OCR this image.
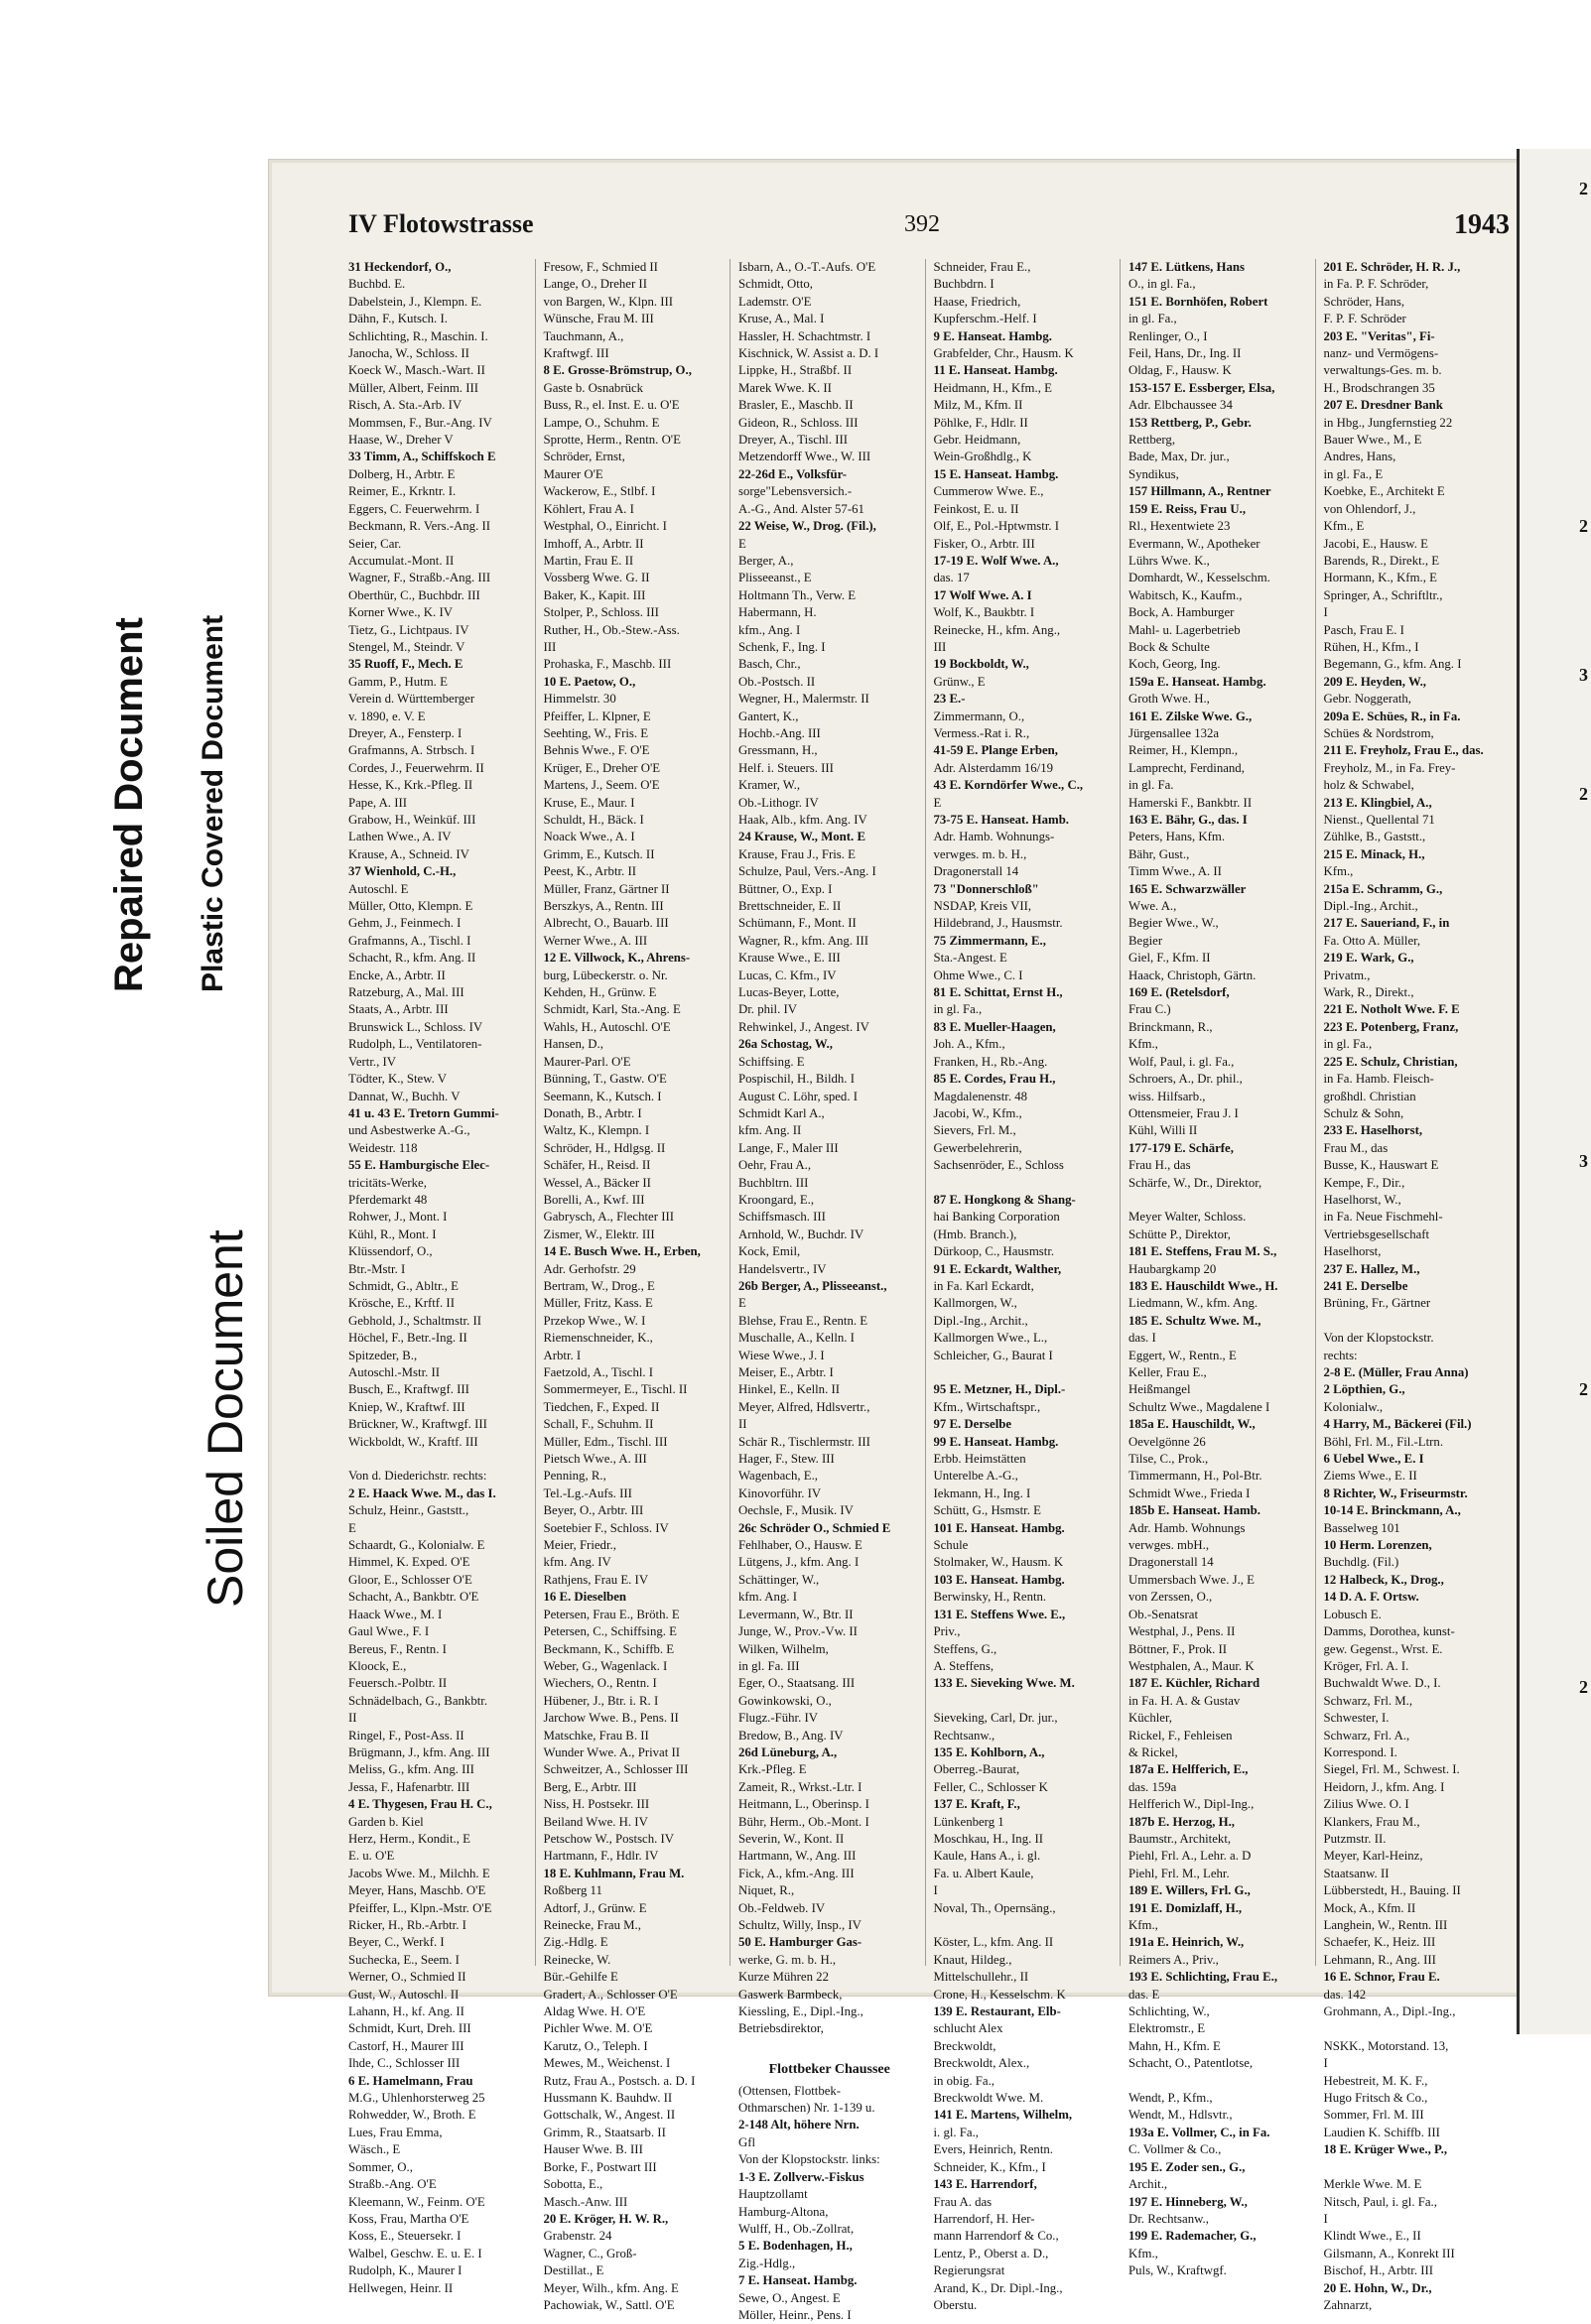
Repaired Document Plastic Covered Document
Soiled Document
IV Flotowstrasse	392	1943
31 Heckendorf, O.,
Buchbd. E.
Dabelstein, J., Klempn. E.
Dähn, F., Kutsch. I.
Schlichting, R., Maschin. I.
Janocha, W., Schloss. II
Koeck W., Masch.-Wart. II
Müller, Albert, Feinm. III
Risch, A. Sta.-Arb. IV
Mommsen, F., Bur.-Ang. IV
Haase, W., Dreher V
33 Timm, A., Schiffskoch E
Dolberg, H., Arbtr. E
Reimer, E., Krkntr. I.
Eggers, C. Feuerwehrm. I
Beckmann, R. Vers.-Ang. II
Seier, Car.
Accumulat.-Mont. II
Wagner, F., Straßb.-Ang. III
Oberthür, C., Buchbdr. III
Korner Wwe., K. IV
Tietz, G., Lichtpaus. IV
Stengel, M., Steindr. V
35 Ruoff, F., Mech. E
Gamm, P., Hutm. E
Verein d. Württemberger
v. 1890, e. V. E
Dreyer, A., Fensterp. I
Grafmanns, A. Strbsch. I
Cordes, J., Feuerwehrm. II
Hesse, K., Krk.-Pfleg. II
Pape, A. III
Grabow, H., Weinküf. III
Lathen Wwe., A. IV
Krause, A., Schneid. IV
37 Wienhold, C.-H.,
Autoschl. E
Müller, Otto, Klempn. E
Gehm, J., Feinmech. I
Grafmanns, A., Tischl. I
Schacht, R., kfm. Ang. II
Encke, A., Arbtr. II
Ratzeburg, A., Mal. III
Staats, A., Arbtr. III
Brunswick L., Schloss. IV
Rudolph, L., Ventilatoren-
Vertr., IV
Tödter, K., Stew. V
Dannat, W., Buchh. V
41 u. 43 E. Tretorn Gummi-
und Asbestwerke A.-G.,
Weidestr. 118
55 E. Hamburgische Elec-
tricitäts-Werke,
Pferdemarkt 48
Rohwer, J., Mont. I
Kühl, R., Mont. I
Klüssendorf, O.,
Btr.-Mstr. I
Schmidt, G., Abltr., E
Krösche, E., Krftf. II
Gebhold, J., Schaltmstr. II
Höchel, F., Betr.-Ing. II
Spitzeder, B.,
Autoschl.-Mstr. II
Busch, E., Kraftwgf. III
Kniep, W., Kraftwf. III
Brückner, W., Kraftwgf. III
Wickboldt, W., Kraftf. III

Von d. Diederichstr. rechts:
2 E. Haack Wwe. M., das I.
Schulz, Heinr., Gaststt.,
E
Schaardt, G., Kolonialw. E
Himmel, K. Exped. O'E
Gloor, E., Schlosser O'E
Schacht, A., Bankbtr. O'E
Haack Wwe., M. I
Gaul Wwe., F. I
Bereus, F., Rentn. I
Kloock, E.,
Feuersch.-Polbtr. II
Schnädelbach, G., Bankbtr.
II
Ringel, F., Post-Ass. II
Brügmann, J., kfm. Ang. III
Meliss, G., kfm. Ang. III
Jessa, F., Hafenarbtr. III
4 E. Thygesen, Frau H. C.,
Garden b. Kiel
Herz, Herm., Kondit., E
E. u. O'E
Jacobs Wwe. M., Milchh. E
Meyer, Hans, Maschb. O'E
Pfeiffer, L., Klpn.-Mstr. O'E
Ricker, H., Rb.-Arbtr. I
Beyer, C., Werkf. I
Suchecka, E., Seem. I
Werner, O., Schmied II
Gust, W., Autoschl. II
Lahann, H., kf. Ang. II
Schmidt, Kurt, Dreh. III
Castorf, H., Maurer III
Ihde, C., Schlosser III
6 E. Hamelmann, Frau
M.G., Uhlenhorsterweg 25
Rohwedder, W., Broth. E
Lues, Frau Emma,
Wäsch., E
Sommer, O.,
Straßb.-Ang. O'E
Kleemann, W., Feinm. O'E
Koss, Frau, Martha O'E
Koss, E., Steuersekr. I
Walbel, Geschw. E. u. E. I
Rudolph, K., Maurer I
Hellwegen, Heinr. II
Fresow, F., Schmied II
Lange, O., Dreher II
von Bargen, W., Klpn. III
Wünsche, Frau M. III
Tauchmann, A.,
Kraftwgf. III
8 E. Grosse-Brömstrup, O.,
Gaste b. Osnabrück
Buss, R., el. Inst. E. u. O'E
Lampe, O., Schuhm. E
Sprotte, Herm., Rentn. O'E
Schröder, Ernst,
Maurer O'E
Wackerow, E., Stlbf. I
Köhlert, Frau A. I
Westphal, O., Einricht. I
Imhoff, A., Arbtr. II
Martin, Frau E. II
Vossberg Wwe. G. II
Baker, K., Kapit. III
Stolper, P., Schloss. III
Ruther, H., Ob.-Stew.-Ass.
III
Prohaska, F., Maschb. III
10 E. Paetow, O.,
Himmelstr. 30
Pfeiffer, L. Klpner, E
Seehting, W., Fris. E
Behnis Wwe., F. O'E
Krüger, E., Dreher O'E
Martens, J., Seem. O'E
Kruse, E., Maur. I
Schuldt, H., Bäck. I
Noack Wwe., A. I
Grimm, E., Kutsch. II
Peest, K., Arbtr. II
Müller, Franz, Gärtner II
Berszkys, A., Rentn. III
Albrecht, O., Bauarb. III
Werner Wwe., A. III
12 E. Villwock, K., Ahrens-
burg, Lübeckerstr. o. Nr.
Kehden, H., Grünw. E
Schmidt, Karl, Sta.-Ang. E
Wahls, H., Autoschl. O'E
Hansen, D.,
Maurer-Parl. O'E
Bünning, T., Gastw. O'E
Seemann, K., Kutsch. I
Donath, B., Arbtr. I
Waltz, K., Klempn. I
Schröder, H., Hdlgsg. II
Schäfer, H., Reisd. II
Wessel, A., Bäcker II
Borelli, A., Kwf. III
Gabrysch, A., Flechter III
Zismer, W., Elektr. III
14 E. Busch Wwe. H., Erben,
Adr. Gerhofstr. 29
Bertram, W., Drog., E
Müller, Fritz, Kass. E
Przekop Wwe., W. I
Riemenschneider, K.,
Arbtr. I
Faetzold, A., Tischl. I
Sommermeyer, E., Tischl. II
Tiedchen, F., Exped. II
Schall, F., Schuhm. II
Müller, Edm., Tischl. III
Pietsch Wwe., A. III
Penning, R.,
Tel.-Lg.-Aufs. III
Beyer, O., Arbtr. III
Soetebier F., Schloss. IV
Meier, Friedr.,
kfm. Ang. IV
Rathjens, Frau E. IV
16 E. Dieselben
Petersen, Frau E., Bröth. E
Petersen, C., Schiffsing. E
Beckmann, K., Schiffb. E
Weber, G., Wagenlack. I
Wiechers, O., Rentn. I
Hübener, J., Btr. i. R. I
Jarchow Wwe. B., Pens. II
Matschke, Frau B. II
Wunder Wwe. A., Privat II
Schweitzer, A., Schlosser III
Berg, E., Arbtr. III
Niss, H. Postsekr. III
Beiland Wwe. H. IV
Petschow W., Postsch. IV
Hartmann, F., Hdlr. IV
18 E. Kuhlmann, Frau M.
Roßberg 11
Adtorf, J., Grünw. E
Reinecke, Frau M.,
Zig.-Hdlg. E
Reinecke, W.
Bür.-Gehilfe E
Gradert, A., Schlosser O'E
Aldag Wwe. H. O'E
Pichler Wwe. M. O'E
Karutz, O., Teleph. I
Mewes, M., Weichenst. I
Rutz, Frau A., Postsch. a. D. I
Hussmann K. Bauhdw. II
Gottschalk, W., Angest. II
Grimm, R., Staatsarb. II
Hauser Wwe. B. III
Borke, F., Postwart III
Sobotta, E.,
Masch.-Anw. III
20 E. Kröger, H. W. R.,
Grabenstr. 24
Wagner, C., Groß-
Destillat., E
Meyer, Wilh., kfm. Ang. E
Pachowiak, W., Sattl. O'E
Isbarn, A., O.-T.-Aufs. O'E
Schmidt, Otto,
Lademstr. O'E
Kruse, A., Mal. I
Hassler, H. Schachtmstr. I
Kischnick, W. Assist a. D. I
Lippke, H., Straßbf. II
Marek Wwe. K. II
Brasler, E., Maschb. II
Gideon, R., Schloss. III
Dreyer, A., Tischl. III
Metzendorff Wwe., W. III
22-26d E., Volksfür-
sorge"Lebensversich.-
A.-G., And. Alster 57-61
22 Weise, W., Drog. (Fil.),
E
Berger, A.,
Plisseeanst., E
Holtmann Th., Verw. E
Habermann, H.
kfm., Ang. I
Schenk, F., Ing. I
Basch, Chr.,
Ob.-Postsch. II
Wegner, H., Malermstr. II
Gantert, K.,
Hochb.-Ang. III
Gressmann, H.,
Helf. i. Steuers. III
Kramer, W.,
Ob.-Lithogr. IV
Haak, Alb., kfm. Ang. IV
24 Krause, W., Mont. E
Krause, Frau J., Fris. E
Schulze, Paul, Vers.-Ang. I
Büttner, O., Exp. I
Brettschneider, E. II
Schümann, F., Mont. II
Wagner, R., kfm. Ang. III
Krause Wwe., E. III
Lucas, C. Kfm., IV
Lucas-Beyer, Lotte,
Dr. phil. IV
Rehwinkel, J., Angest. IV
26a Schostag, W.,
Schiffsing. E
Pospischil, H., Bildh. I
August C. Löhr, sped. I
Schmidt Karl A.,
kfm. Ang. II
Lange, F., Maler III
Oehr, Frau A.,
Buchbltrn. III
Kroongard, E.,
Schiffsmasch. III
Arnhold, W., Buchdr. IV
Kock, Emil,
Handelsvertr., IV
26b Berger, A., Plisseeanst.,
E
Blehse, Frau E., Rentn. E
Muschalle, A., Kelln. I
Wiese Wwe., J. I
Meiser, E., Arbtr. I
Hinkel, E., Kelln. II
Meyer, Alfred, Hdlsvertr.,
II
Schär R., Tischlermstr. III
Hager, F., Stew. III
Wagenbach, E.,
Kinovorführ. IV
Oechsle, F., Musik. IV
26c Schröder O., Schmied E
Fehlhaber, O., Hausw. E
Lütgens, J., kfm. Ang. I
Schättinger, W.,
kfm. Ang. I
Levermann, W., Btr. II
Junge, W., Prov.-Vw. II
Wilken, Wilhelm,
in gl. Fa. III
Eger, O., Staatsang. III
Gowinkowski, O.,
Flugz.-Führ. IV
Bredow, B., Ang. IV
26d Lüneburg, A.,
Krk.-Pfleg. E
Zameit, R., Wrkst.-Ltr. I
Heitmann, L., Oberinsp. I
Bühr, Herm., Ob.-Mont. I
Severin, W., Kont. II
Hartmann, W., Ang. III
Fick, A., kfm.-Ang. III
Niquet, R.,
Ob.-Feldweb. IV
Schultz, Willy, Insp., IV
50 E. Hamburger Gas-
werke, G. m. b. H.,
Kurze Mühren 22
Gaswerk Barmbeck,
Kiessling, E., Dipl.-Ing.,
Betriebsdirektor,

Flottbeker Chaussee
(Ottensen, Flottbek-
Othmarschen) Nr. 1-139 u.
2-148 Alt, höhere Nrn.
Gfl
Von der Klopstockstr. links:
1-3 E. Zollverw.-Fiskus
Hauptzollamt
Hamburg-Altona,
Wulff, H., Ob.-Zollrat,
5 E. Bodenhagen, H.,
Zig.-Hdlg.,
7 E. Hanseat. Hambg.
Sewe, O., Angest. E
Möller, Heinr., Pens. I
Schneider, Frau E.,
Buchbdrn. I
Haase, Friedrich,
Kupferschm.-Helf. I
9 E. Hanseat. Hambg.
Grabfelder, Chr., Hausm. K
11 E. Hanseat. Hambg.
Heidmann, H., Kfm., E
Milz, M., Kfm. II
Pöhlke, F., Hdlr. II
Gebr. Heidmann,
Wein-Großhdlg., K
15 E. Hanseat. Hambg.
Cummerow Wwe. E.,
Feinkost, E. u. II
Olf, E., Pol.-Hptwmstr. I
Fisker, O., Arbtr. III
17-19 E. Wolf Wwe. A.,
das. 17
17 Wolf Wwe. A. I
Wolf, K., Baukbtr. I
Reinecke, H., kfm. Ang.,
III
19 Bockboldt, W.,
Grünw., E
23 E.-
Zimmermann, O.,
Vermess.-Rat i. R.,
41-59 E. Plange Erben,
Adr. Alsterdamm 16/19
43 E. Korndörfer Wwe., C.,
E
73-75 E. Hanseat. Hamb.
Adr. Hamb. Wohnungs-
verwges. m. b. H.,
Dragonerstall 14
73 "Donnerschloß"
NSDAP, Kreis VII,
Hildebrand, J., Hausmstr.
75 Zimmermann, E.,
Sta.-Angest. E
Ohme Wwe., C. I
81 E. Schittat, Ernst H.,
in gl. Fa.,
83 E. Mueller-Haagen,
Joh. A., Kfm.,
Franken, H., Rb.-Ang.
85 E. Cordes, Frau H.,
Magdalenenstr. 48
Jacobi, W., Kfm.,
Sievers, Frl. M.,
Gewerbelehrerin,
Sachsenröder, E., Schloss

87 E. Hongkong & Shang-
hai Banking Corporation
(Hmb. Branch.),
Dürkoop, C., Hausmstr.
91 E. Eckardt, Walther,
in Fa. Karl Eckardt,
Kallmorgen, W.,
Dipl.-Ing., Archit.,
Kallmorgen Wwe., L.,
Schleicher, G., Baurat I

95 E. Metzner, H., Dipl.-
Kfm., Wirtschaftspr.,
97 E. Derselbe
99 E. Hanseat. Hambg.
Erbb. Heimstätten
Unterelbe A.-G.,
Iekmann, H., Ing. I
Schütt, G., Hsmstr. E
101 E. Hanseat. Hambg.
Schule
Stolmaker, W., Hausm. K
103 E. Hanseat. Hambg.
Berwinsky, H., Rentn.
131 E. Steffens Wwe. E.,
Priv.,
Steffens, G.,
A. Steffens,
133 E. Sieveking Wwe. M.

Sieveking, Carl, Dr. jur.,
Rechtsanw.,
135 E. Kohlborn, A.,
Oberreg.-Baurat,
Feller, C., Schlosser K
137 E. Kraft, F.,
Lünkenberg 1
Moschkau, H., Ing. II
Kaule, Hans A., i. gl.
Fa. u. Albert Kaule,
I
Noval, Th., Opernsäng.,

Köster, L., kfm. Ang. II
Knaut, Hildeg.,
Mittelschullehr., II
Crone, H., Kesselschm. K
139 E. Restaurant, Elb-
schlucht Alex
Breckwoldt,
Breckwoldt, Alex.,
in obig. Fa.,
Breckwoldt Wwe. M.
141 E. Martens, Wilhelm,
i. gl. Fa.,
Evers, Heinrich, Rentn.
Schneider, K., Kfm., I
143 E. Harrendorf,
Frau A. das
Harrendorf, H. Her-
mann Harrendorf & Co.,
Lentz, P., Oberst a. D.,
Regierungsrat
Arand, K., Dr. Dipl.-Ing.,
Oberstu.
147 E. Lütkens, Hans
O., in gl. Fa.,
151 E. Bornhöfen, Robert
in gl. Fa.,
Renlinger, O., I
Feil, Hans, Dr., Ing. II
Oldag, F., Hausw. K
153-157 E. Essberger, Elsa,
Adr. Elbchaussee 34
153 Rettberg, P., Gebr.
Rettberg,
Bade, Max, Dr. jur.,
Syndikus,
157 Hillmann, A., Rentner
159 E. Reiss, Frau U.,
Rl., Hexentwiete 23
Evermann, W., Apotheker
Lührs Wwe. K.,
Domhardt, W., Kesselschm.
Wabitsch, K., Kaufm.,
Bock, A. Hamburger
Mahl- u. Lagerbetrieb
Bock & Schulte
Koch, Georg, Ing.
159a E. Hanseat. Hambg.
Groth Wwe. H.,
161 E. Zilske Wwe. G.,
Jürgensallee 132a
Reimer, H., Klempn.,
Lamprecht, Ferdinand,
in gl. Fa.
Hamerski F., Bankbtr. II
163 E. Bähr, G., das. I
Peters, Hans, Kfm.
Bähr, Gust.,
Timm Wwe., A. II
165 E. Schwarzwäller
Wwe. A.,
Begier Wwe., W.,
Begier
Giel, F., Kfm. II
Haack, Christoph, Gärtn.
169 E. (Retelsdorf,
Frau C.)
Brinckmann, R.,
Kfm.,
Wolf, Paul, i. gl. Fa.,
Schroers, A., Dr. phil.,
wiss. Hilfsarb.,
Ottensmeier, Frau J. I
Kühl, Willi II
177-179 E. Schärfe,
Frau H., das
Schärfe, W., Dr., Direktor,

Meyer Walter, Schloss.
Schütte P., Direktor,
181 E. Steffens, Frau M. S.,
Haubargkamp 20
183 E. Hauschildt Wwe., H.
Liedmann, W., kfm. Ang.
185 E. Schultz Wwe. M.,
das. I
Eggert, W., Rentn., E
Keller, Frau E.,
Heißmangel
Schultz Wwe., Magdalene I
185a E. Hauschildt, W.,
Oevelgönne 26
Tilse, C., Prok.,
Timmermann, H., Pol-Btr.
Schmidt Wwe., Frieda I
185b E. Hanseat. Hamb.
Adr. Hamb. Wohnungs
verwges. mbH.,
Dragonerstall 14
Ummersbach Wwe. J., E
von Zerssen, O.,
Ob.-Senatsrat
Westphal, J., Pens. II
Böttner, F., Prok. II
Westphalen, A., Maur. K
187 E. Küchler, Richard
in Fa. H. A. & Gustav
Küchler,
Rickel, F., Fehleisen
& Rickel,
187a E. Helfferich, E.,
das. 159a
Helfferich W., Dipl-Ing.,
187b E. Herzog, H.,
Baumstr., Architekt,
Piehl, Frl. A., Lehr. a. D
Piehl, Frl. M., Lehr.
189 E. Willers, Frl. G.,
191 E. Domizlaff, H.,
Kfm.,
191a E. Heinrich, W.,
Reimers A., Priv.,
193 E. Schlichting, Frau E.,
das. E
Schlichting, W.,
Elektromstr., E
Mahn, H., Kfm. E
Schacht, O., Patentlotse,

Wendt, P., Kfm.,
Wendt, M., Hdlsvtr.,
193a E. Vollmer, C., in Fa.
C. Vollmer & Co.,
195 E. Zoder sen., G.,
Archit.,
197 E. Hinneberg, W.,
Dr. Rechtsanw.,
199 E. Rademacher, G.,
Kfm.,
Puls, W., Kraftwgf.
201 E. Schröder, H. R. J.,
in Fa. P. F. Schröder,
Schröder, Hans,
F. P. F. Schröder
203 E. "Veritas", Fi-
nanz- und Vermögens-
verwaltungs-Ges. m. b.
H., Brodschrangen 35
207 E. Dresdner Bank
in Hbg., Jungfernstieg 22
Bauer Wwe., M., E
Andres, Hans,
in gl. Fa., E
Koebke, E., Architekt E
von Ohlendorf, J.,
Kfm., E
Jacobi, E., Hausw. E
Barends, R., Direkt., E
Hormann, K., Kfm., E
Springer, A., Schriftltr.,
I
Pasch, Frau E. I
Rühen, H., Kfm., I
Begemann, G., kfm. Ang. I
209 E. Heyden, W.,
Gebr. Noggerath,
209a E. Schües, R., in Fa.
Schües & Nordstrom,
211 E. Freyholz, Frau E., das.
Freyholz, M., in Fa. Frey-
holz & Schwabel,
213 E. Klingbiel, A.,
Nienst., Quellental 71
Zühlke, B., Gaststt.,
215 E. Minack, H.,
Kfm.,
215a E. Schramm, G.,
Dipl.-Ing., Archit.,
217 E. Saueriand, F., in
Fa. Otto A. Müller,
219 E. Wark, G.,
Privatm.,
Wark, R., Direkt.,
221 E. Notholt Wwe. F. E
223 E. Potenberg, Franz,
in gl. Fa.,
225 E. Schulz, Christian,
in Fa. Hamb. Fleisch-
großhdl. Christian
Schulz & Sohn,
233 E. Haselhorst,
Frau M., das
Busse, K., Hauswart E
Kempe, F., Dir.,
Haselhorst, W.,
in Fa. Neue Fischmehl-
Vertriebsgesellschaft
Haselhorst,
237 E. Hallez, M.,
241 E. Derselbe
Brüning, Fr., Gärtner

Von der Klopstockstr.
rechts:
2-8 E. (Müller, Frau Anna)
2 Löpthien, G.,
Kolonialw.,
4 Harry, M., Bäckerei (Fil.)
Böhl, Frl. M., Fil.-Ltrn.
6 Uebel Wwe., E. I
Ziems Wwe., E. II
8 Richter, W., Friseurmstr.
10-14 E. Brinckmann, A.,
Basselweg 101
10 Herm. Lorenzen,
Buchdlg. (Fil.)
12 Halbeck, K., Drog.,
14 D. A. F. Ortsw.
Lobusch E.
Damms, Dorothea, kunst-
gew. Gegenst., Wrst. E.
Kröger, Frl. A. I.
Buchwaldt Wwe. D., I.
Schwarz, Frl. M.,
Schwester, I.
Schwarz, Frl. A.,
Korrespond. I.
Siegel, Frl. M., Schwest. I.
Heidorn, J., kfm. Ang. I
Zilius Wwe. O. I
Klankers, Frau M.,
Putzmstr. II.
Meyer, Karl-Heinz,
Staatsanw. II
Lübberstedt, H., Bauing. II
Mock, A., Kfm. II
Langhein, W., Rentn. III
Schaefer, K., Heiz. III
Lehmann, R., Ang. III
16 E. Schnor, Frau E.
das. 142
Grohmann, A., Dipl.-Ing.,

NSKK., Motorstand. 13,
I
Hebestreit, M. K. F.,
Hugo Fritsch & Co.,
Sommer, Frl. M. III
Laudien K. Schiffb. III
18 E. Krüger Wwe., P.,

Merkle Wwe. M. E
Nitsch, Paul, i. gl. Fa.,
I
Klindt Wwe., E., II
Gilsmann, A., Konrekt III
Bischof, H., Arbtr. III
20 E. Hohn, W., Dr.,
Zahnarzt,
2
2
3
2
3
2
2
